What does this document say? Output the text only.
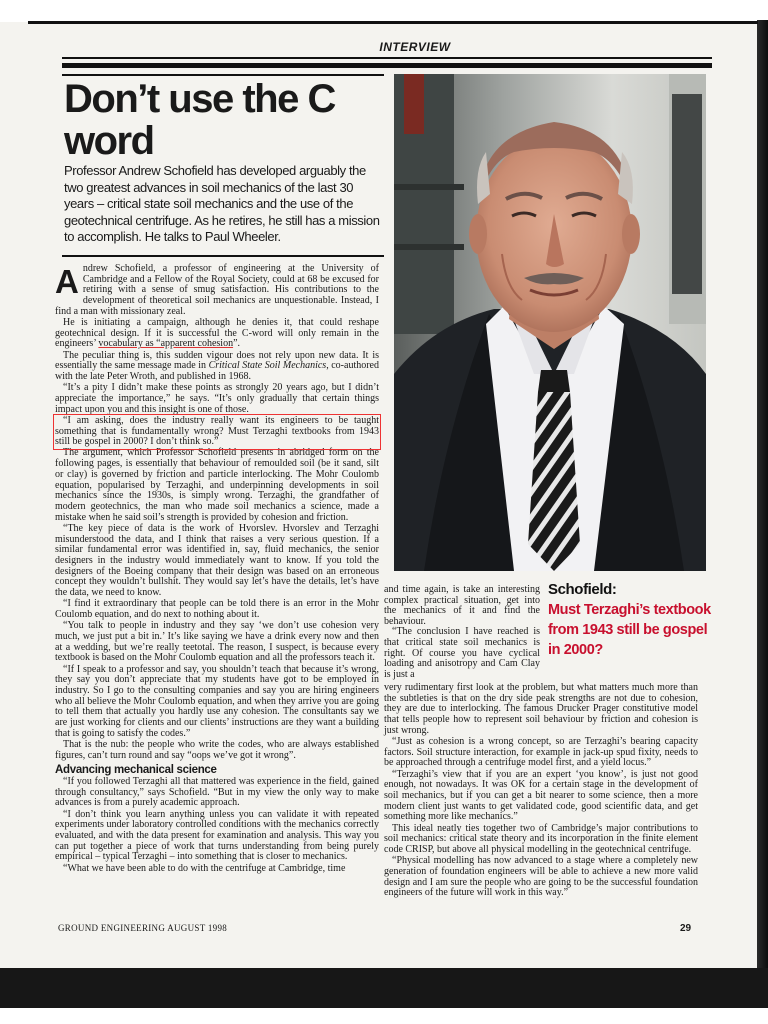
INTERVIEW
Don’t use the C word

Professor Andrew Schofield has developed arguably the two greatest advances in soil mechanics of the last 30 years – critical state soil mechanics and the use of the geotechnical centrifuge. As he retires, he still has a mission to accomplish. He talks to Paul Wheeler.

Andrew Schofield, a professor of engineering at the University of Cambridge and a Fellow of the Royal Society, could at 68 be excused for retiring with a sense of smug satisfaction. His contributions to the development of theoretical soil mechanics are unquestionable. Instead, I find a man with missionary zeal.

He is initiating a campaign, although he denies it, that could reshape geotechnical design. If it is successful the C-word will only remain in the engineers’ vocabulary as “apparent cohesion”.

The peculiar thing is, this sudden vigour does not rely upon new data. It is essentially the same message made in Critical State Soil Mechanics, co-authored with the late Peter Wroth, and published in 1968.

“It’s a pity I didn’t make these points as strongly 20 years ago, but I didn’t appreciate the importance,” he says. “It’s only gradually that certain things impact upon you and this insight is one of those.

“I am asking, does the industry really want its engineers to be taught something that is fundamentally wrong? Must Terzaghi textbooks from 1943 still be gospel in 2000? I don’t think so.”

The argument, which Professor Schofield presents in abridged form on the following pages, is essentially that behaviour of remoulded soil (be it sand, silt or clay) is governed by friction and particle interlocking. The Mohr Coulomb equation, popularised by Terzaghi, and underpinning developments in soil mechanics since the 1930s, is simply wrong. Terzaghi, the grandfather of modern geotechnics, the man who made soil mechanics a science, made a mistake when he said soil’s strength is provided by cohesion and friction.

“The key piece of data is the work of Hvorslev. Hvorslev and Terzaghi misunderstood the data, and I think that raises a very serious question. If a similar fundamental error was identified in, say, fluid mechanics, the senior designers in the industry would immediately want to know. If you told the designers of the Boeing company that their design was based on an erroneous concept they wouldn’t bullshit. They would say let’s have the details, let’s have the data, we need to know.

“I find it extraordinary that people can be told there is an error in the Mohr Coulomb equation, and do next to nothing about it.

“You talk to people in industry and they say ‘we don’t use cohesion very much, we just put a bit in.’ It’s like saying we have a drink every now and then at a wedding, but we’re really teetotal. The reason, I suspect, is because every textbook is based on the Mohr Coulomb equation and all the professors teach it.

“If I speak to a professor and say, you shouldn’t teach that because it’s wrong, they say you don’t appreciate that my students have got to be employed in industry. So I go to the consulting companies and say you are hiring engineers who all believe the Mohr Coulomb equation, and when they arrive you are going to tell them that actually you hardly use any cohesion. The consultants say we are just working for clients and our clients’ instructions are they want a building that is going to satisfy the codes.”

That is the nub: the people who write the codes, who are always established figures, can’t turn round and say “oops we’ve got it wrong”.

Advancing mechanical science

“If you followed Terzaghi all that mattered was experience in the field, gained through consultancy,” says Schofield. “But in my view the only way to make advances is from a purely academic approach.

“I don’t think you learn anything unless you can validate it with repeated experiments under laboratory controlled conditions with the mechanics correctly evaluated, and with the data present for examination and analysis. This way you can put together a piece of work that turns understanding from being purely empirical – typical Terzaghi – into something that is closer to mechanics.

“What we have been able to do with the centrifuge at Cambridge, time

and time again, is take an interesting complex practical situation, get into the mechanics of it and find the behaviour.

“The conclusion I have reached is that critical state soil mechanics is right. Of course you have cyclical loading and anisotropy and Cam Clay is just a

Schofield:
Must Terzaghi’s textbook from 1943 still be gospel in 2000?

very rudimentary first look at the problem, but what matters much more than the subtleties is that on the dry side peak strengths are not due to cohesion, they are due to interlocking. The famous Drucker Prager constitutive model that tells people how to represent soil behaviour by friction and cohesion is just wrong.

“Just as cohesion is a wrong concept, so are Terzaghi’s bearing capacity factors. Soil structure interaction, for example in jack-up spud fixity, needs to be approached through a centrifuge model first, and a yield locus.”

“Terzaghi’s view that if you are an expert ‘you know’, is just not good enough, not nowadays. It was OK for a certain stage in the development of soil mechanics, but if you can get a bit nearer to some science, then a more modern client just wants to get validated code, good scientific data, and get something more like mechanics.”

This ideal neatly ties together two of Cambridge’s major contributions to soil mechanics: critical state theory and its incorporation in the finite element code CRISP, but above all physical modelling in the geotechnical centrifuge.

“Physical modelling has now advanced to a stage where a completely new generation of foundation engineers will be able to achieve a new more valid design and I am sure the people who are going to be the successful foundation engineers of the future will work in this way.”

GROUND ENGINEERING AUGUST 1998	29
